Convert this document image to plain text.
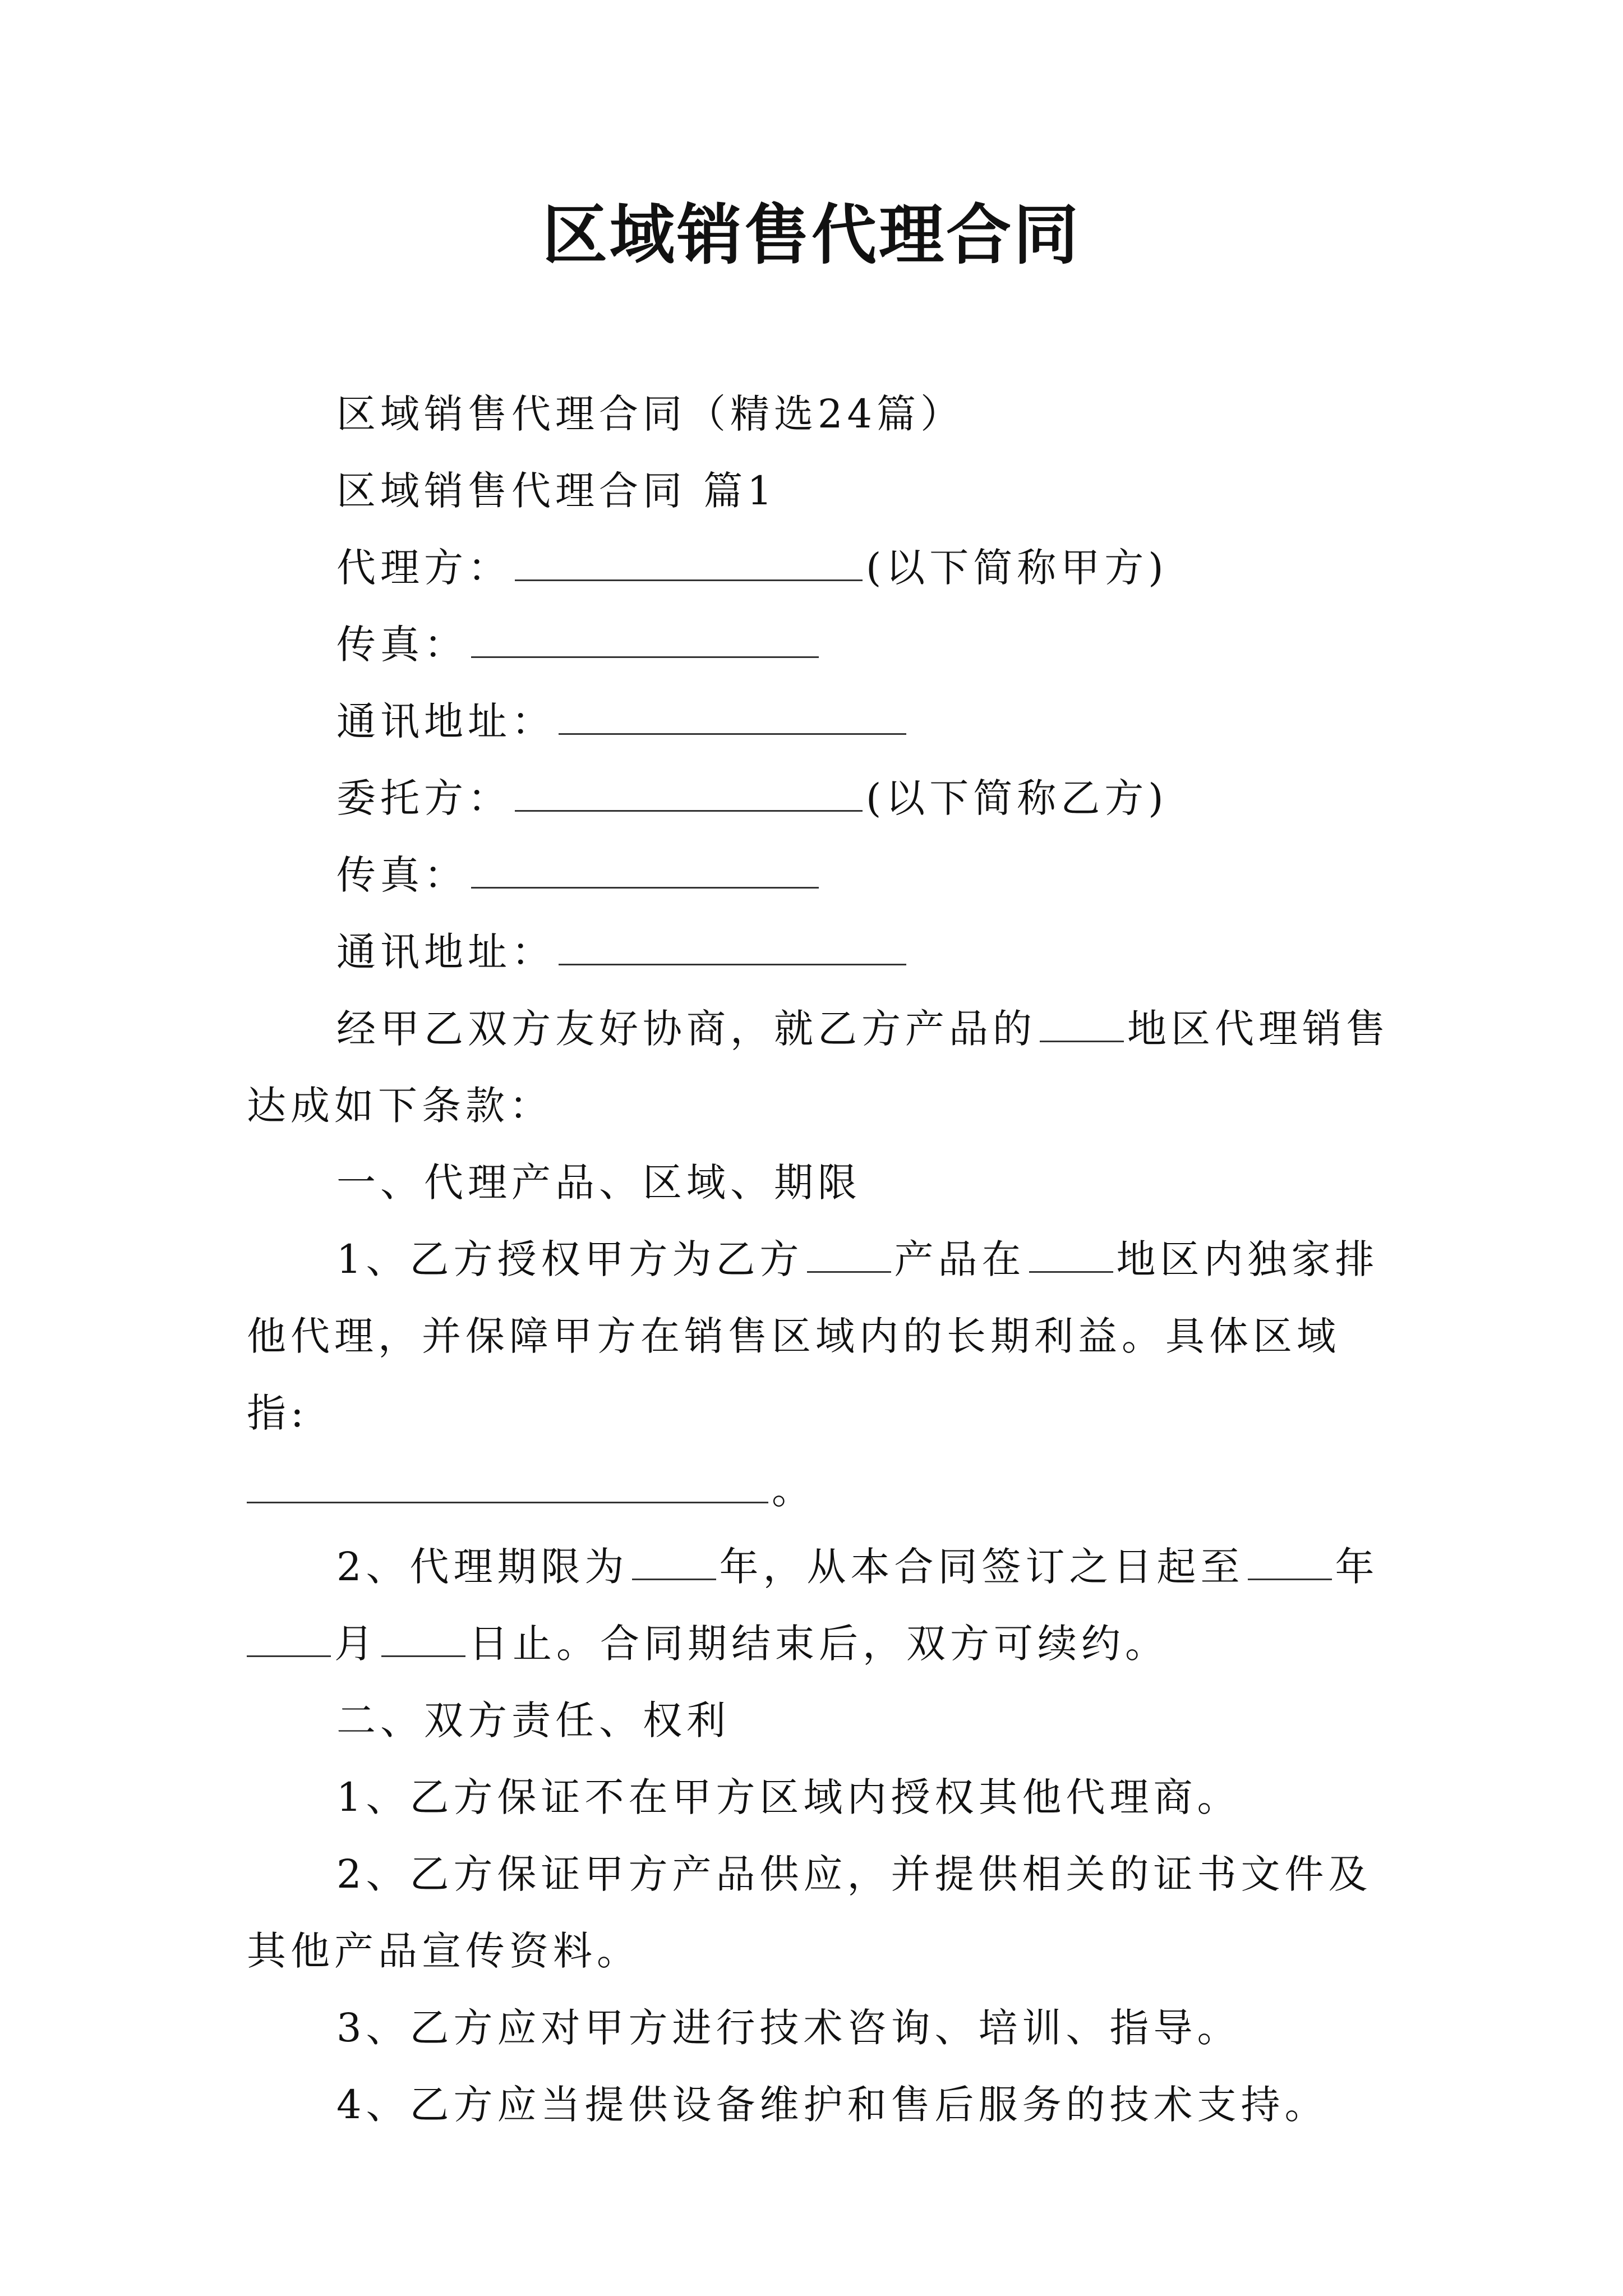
区域销售代理合同

区域销售代理合同（精选24篇）

区域销售代理合同 篇1

代理方：	(以下简称甲方)

传真：

通讯地址：

委托方：	(以下简称乙方)

传真：

通讯地址：

经甲乙双方友好协商，就乙方产品的 地区代理销售达成如下条款：

一、代理产品、区域、期限

1、乙方授权甲方为乙方 产品在 地区内独家排他代理，并保障甲方在销售区域内的长期利益。具体区域指:

。

2、代理期限为 年，从本合同签订之日起至 年月 日止。合同期结束后，双方可续约。

二、双方责任、权利

1、乙方保证不在甲方区域内授权其他代理商。

2、乙方保证甲方产品供应，并提供相关的证书文件及其他产品宣传资料。

3、乙方应对甲方进行技术咨询、培训、指导。

4、乙方应当提供设备维护和售后服务的技术支持。
